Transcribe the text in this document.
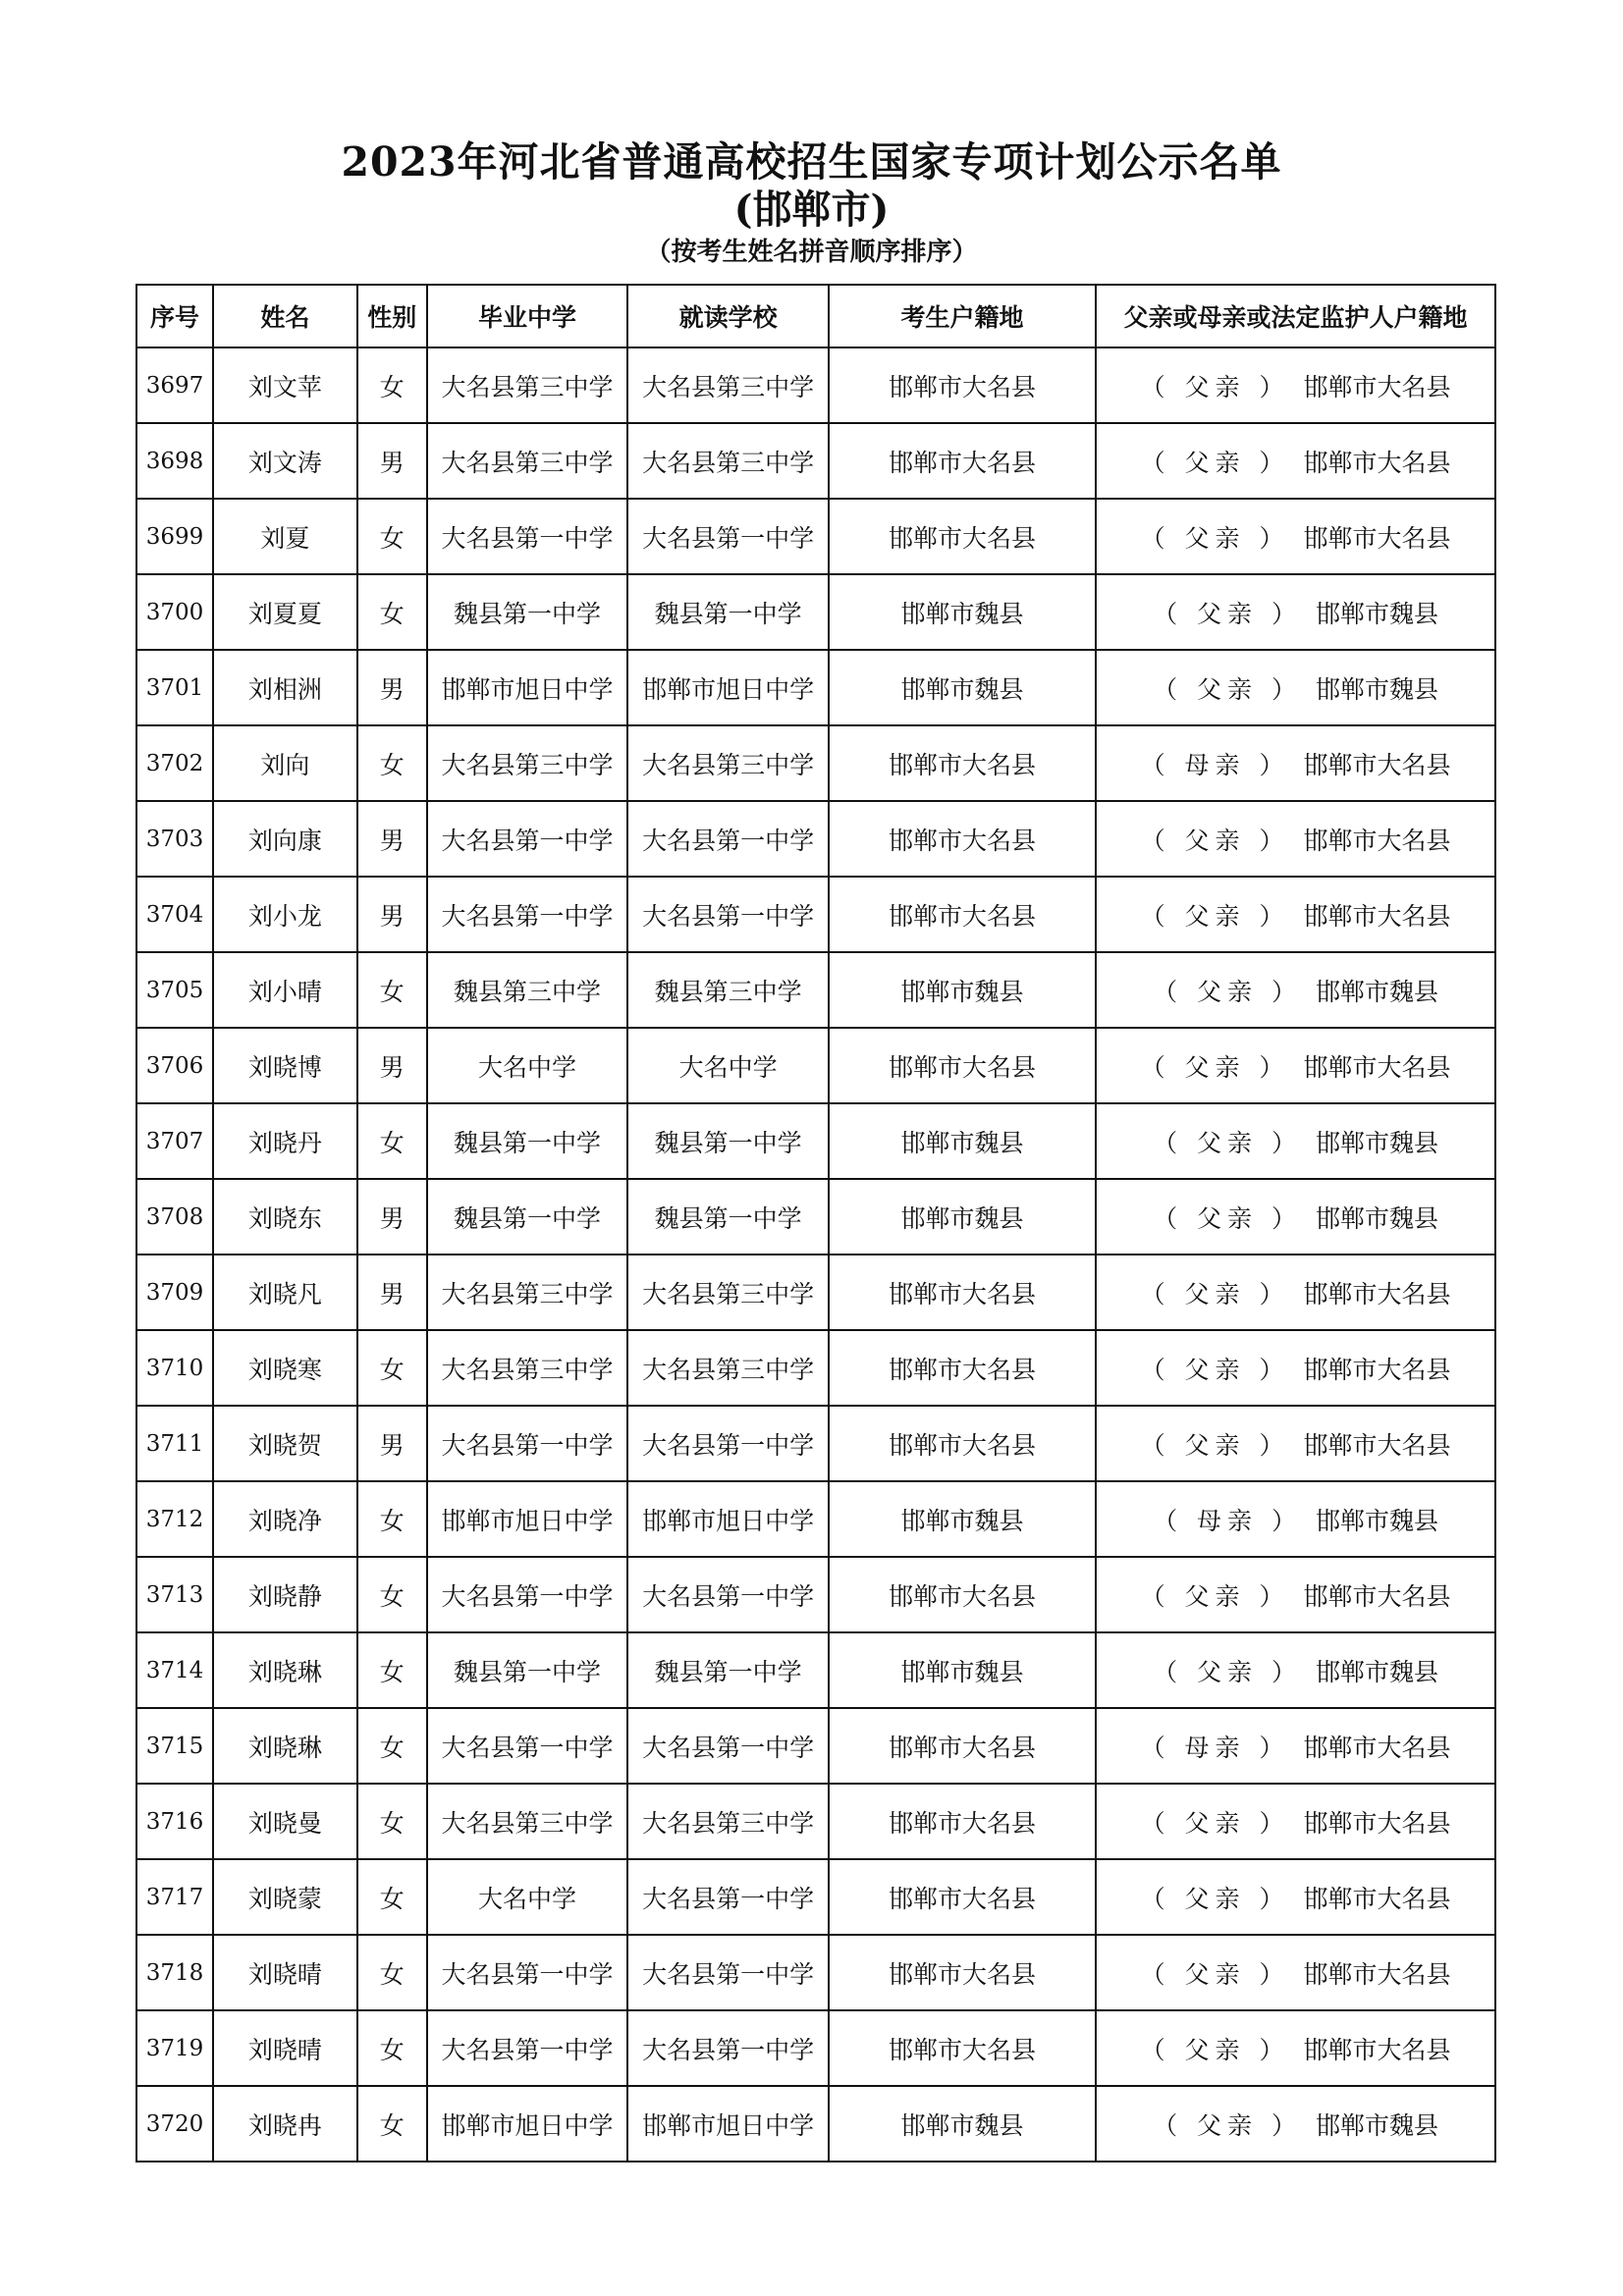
2023年河北省普通高校招生国家专项计划公示名单
(邯郸市)
（按考生姓名拼音顺序排序）
序号	姓名	性别	毕业中学	就读学校	考生户籍地	父亲或母亲或法定监护人户籍地
3697	刘文苹	女	大名县第三中学	大名县第三中学	邯郸市大名县	（ 父亲 ） 邯郸市大名县
3698	刘文涛	男	大名县第三中学	大名县第三中学	邯郸市大名县	（ 父亲 ） 邯郸市大名县
3699	刘夏	女	大名县第一中学	大名县第一中学	邯郸市大名县	（ 父亲 ） 邯郸市大名县
3700	刘夏夏	女	魏县第一中学	魏县第一中学	邯郸市魏县	（ 父亲 ） 邯郸市魏县
3701	刘相洲	男	邯郸市旭日中学	邯郸市旭日中学	邯郸市魏县	（ 父亲 ） 邯郸市魏县
3702	刘向	女	大名县第三中学	大名县第三中学	邯郸市大名县	（ 母亲 ） 邯郸市大名县
3703	刘向康	男	大名县第一中学	大名县第一中学	邯郸市大名县	（ 父亲 ） 邯郸市大名县
3704	刘小龙	男	大名县第一中学	大名县第一中学	邯郸市大名县	（ 父亲 ） 邯郸市大名县
3705	刘小晴	女	魏县第三中学	魏县第三中学	邯郸市魏县	（ 父亲 ） 邯郸市魏县
3706	刘晓博	男	大名中学	大名中学	邯郸市大名县	（ 父亲 ） 邯郸市大名县
3707	刘晓丹	女	魏县第一中学	魏县第一中学	邯郸市魏县	（ 父亲 ） 邯郸市魏县
3708	刘晓东	男	魏县第一中学	魏县第一中学	邯郸市魏县	（ 父亲 ） 邯郸市魏县
3709	刘晓凡	男	大名县第三中学	大名县第三中学	邯郸市大名县	（ 父亲 ） 邯郸市大名县
3710	刘晓寒	女	大名县第三中学	大名县第三中学	邯郸市大名县	（ 父亲 ） 邯郸市大名县
3711	刘晓贺	男	大名县第一中学	大名县第一中学	邯郸市大名县	（ 父亲 ） 邯郸市大名县
3712	刘晓净	女	邯郸市旭日中学	邯郸市旭日中学	邯郸市魏县	（ 母亲 ） 邯郸市魏县
3713	刘晓静	女	大名县第一中学	大名县第一中学	邯郸市大名县	（ 父亲 ） 邯郸市大名县
3714	刘晓琳	女	魏县第一中学	魏县第一中学	邯郸市魏县	（ 父亲 ） 邯郸市魏县
3715	刘晓琳	女	大名县第一中学	大名县第一中学	邯郸市大名县	（ 母亲 ） 邯郸市大名县
3716	刘晓曼	女	大名县第三中学	大名县第三中学	邯郸市大名县	（ 父亲 ） 邯郸市大名县
3717	刘晓蒙	女	大名中学	大名县第一中学	邯郸市大名县	（ 父亲 ） 邯郸市大名县
3718	刘晓晴	女	大名县第一中学	大名县第一中学	邯郸市大名县	（ 父亲 ） 邯郸市大名县
3719	刘晓晴	女	大名县第一中学	大名县第一中学	邯郸市大名县	（ 父亲 ） 邯郸市大名县
3720	刘晓冉	女	邯郸市旭日中学	邯郸市旭日中学	邯郸市魏县	（ 父亲 ） 邯郸市魏县
